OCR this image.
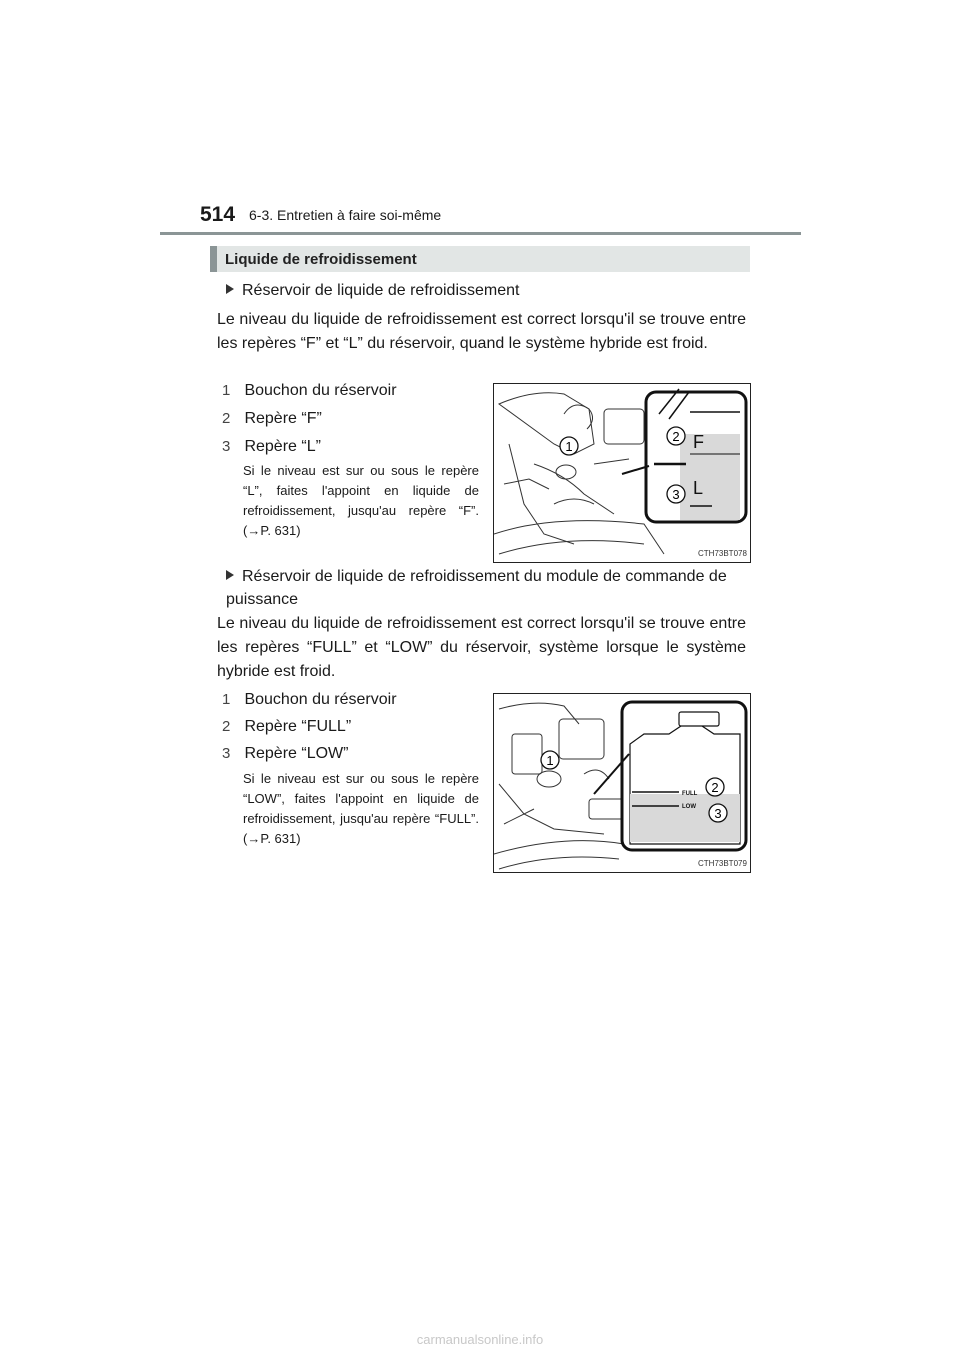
514 6-3. Entretien à faire soi-même
Liquide de refroidissement
Réservoir de liquide de refroidissement
Le niveau du liquide de refroidissement est correct lorsqu'il se trouve entre les repères “F” et “L” du réservoir, quand le système hybride est froid.
1 Bouchon du réservoir
2 Repère “F”
3 Repère “L”
Si le niveau est sur ou sous le repère “L”, faites l'appoint en liquide de refroidissement, jusqu'au repère “F”. (→P. 631)
F
L
1
2
3
CTH73BT078
Réservoir de liquide de refroidissement du module de commande de puissance
Le niveau du liquide de refroidissement est correct lorsqu'il se trouve entre les repères “FULL” et “LOW” du réservoir, système lorsque le système hybride est froid.
1 Bouchon du réservoir
2 Repère “FULL”
3 Repère “LOW”
Si le niveau est sur ou sous le repère “LOW”, faites l'appoint en liquide de refroidissement, jusqu'au repère “FULL”. (→P. 631)
FULL
LOW
1
2
3
CTH73BT079
carmanualsonline.info
